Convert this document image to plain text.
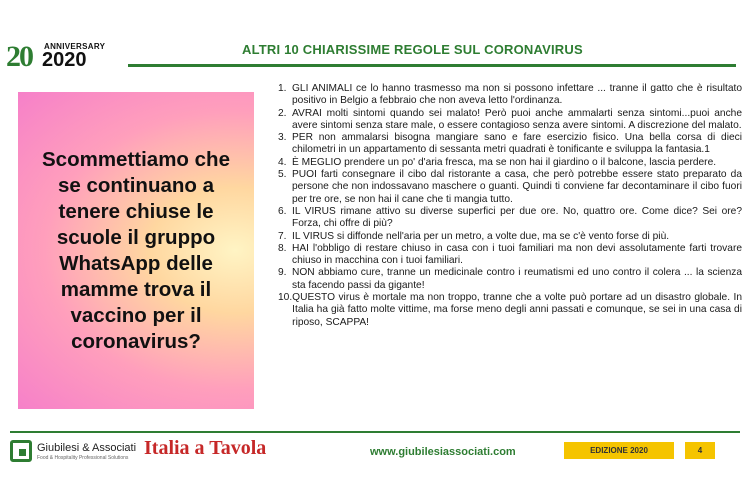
20 ANNIVERSARY
2020	ALTRI 10 CHIARISSIME REGOLE SUL CORONAVIRUS
Scommettiamo che se continuano a tenere chiuse le scuole il gruppo WhatsApp delle mamme trova il vaccino per il coronavirus?
1. GLI ANIMALI ce lo hanno trasmesso ma non si possono infettare ... tranne il gatto che è risultato positivo in Belgio a febbraio che non aveva letto l'ordinanza.
2. AVRAI molti sintomi quando sei malato! Però puoi anche ammalarti senza sintomi...puoi anche avere sintomi senza stare male, o essere contagioso senza avere sintomi. A discrezione del malato.
3. PER non ammalarsi bisogna mangiare sano e fare esercizio fisico. Una bella corsa di dieci chilometri in un appartamento di sessanta metri quadrati è tonificante e sviluppa la fantasia.1
4. È MEGLIO prendere un po' d'aria fresca, ma se non hai il giardino o il balcone, lascia perdere.
5. PUOI farti consegnare il cibo dal ristorante a casa, che però potrebbe essere stato preparato da persone che non indossavano maschere o guanti. Quindi ti conviene far decontaminare il cibo fuori per tre ore, se non hai il cane che ti mangia tutto.
6. IL VIRUS rimane attivo su diverse superfici per due ore. No, quattro ore. Come dice? Sei ore? Forza, chi offre di più?
7. IL VIRUS si diffonde nell'aria per un metro, a volte due, ma se c'è vento forse di più.
8. HAI l'obbligo di restare chiuso in casa con i tuoi familiari ma non devi assolutamente farti trovare chiuso in macchina con i tuoi familiari.
9. NON abbiamo cure, tranne un medicinale contro i reumatismi ed uno contro il colera ... la scienza sta facendo passi da gigante!
10. QUESTO virus è mortale ma non troppo, tranne che a volte può portare ad un disastro globale. In Italia ha già fatto molte vittime, ma forse meno degli anni passati e comunque, se sei in una casa di riposo, SCAPPA!
Giubilesi & Associati
Food & Hospitality Professional Solutions Italia a Tavola	www.giubilesiassociati.com	EDIZIONE 2020	4
